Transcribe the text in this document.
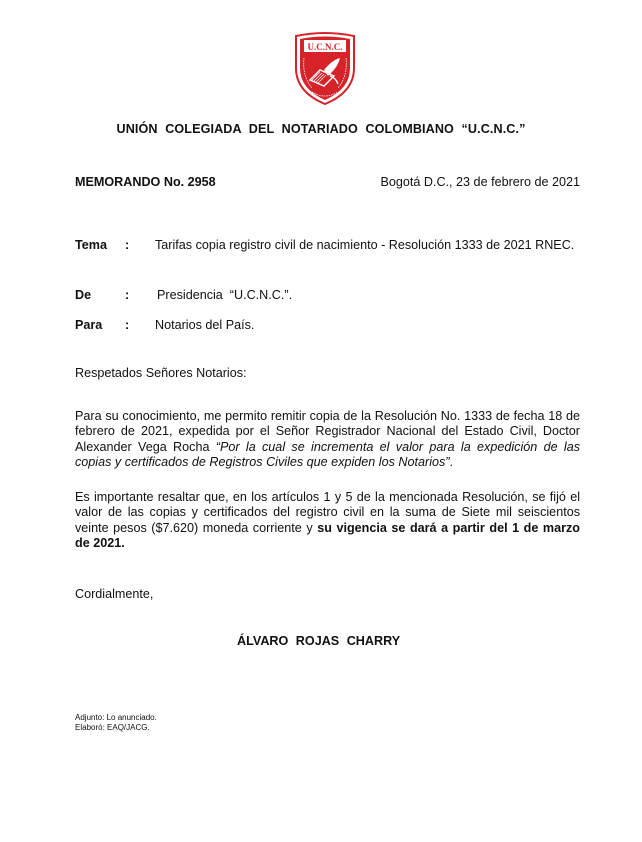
U.C.N.C.
UNIÓN COLEGIADA DEL NOTARIADO COLOMBIANO “U.C.N.C.”
MEMORANDO No. 2958	Bogotá D.C., 23 de febrero de 2021
Tema : Tarifas copia registro civil de nacimiento - Resolución 1333 de 2021 RNEC.
De	: Presidencia  “U.C.N.C.”.
Para : Notarios del País.
Respetados Señores Notarios:
Para su conocimiento, me permito remitir copia de la Resolución No. 1333 de fecha 18 de febrero de 2021, expedida por el Señor Registrador Nacional del Estado Civil, Doctor Alexander Vega Rocha “Por la cual se incrementa el valor para la expedición de las copias y certificados de Registros Civiles que expiden los Notarios”.
Es importante resaltar que, en los artículos 1 y 5 de la mencionada Resolución, se fijó el valor de las copias y certificados del registro civil en la suma de Siete mil seiscientos veinte pesos ($7.620) moneda corriente y su vigencia se dará a partir del 1 de marzo de 2021.
Cordialmente,
ÁLVARO ROJAS CHARRY
Adjunto: Lo anunciado.
Elaboró: EAQ/JACG.
